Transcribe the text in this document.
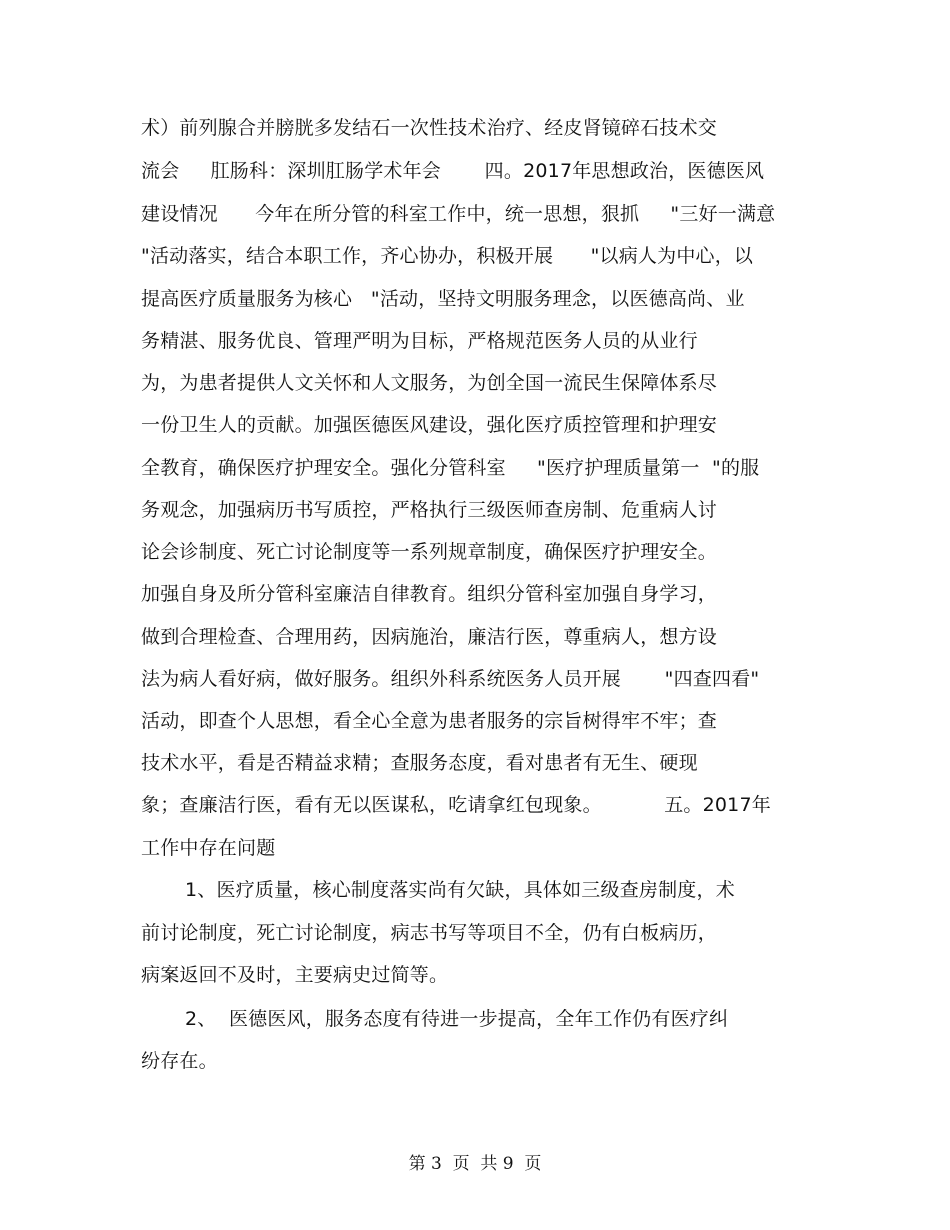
术）前列腺合并膀胱多发结石一次性技术治疗、经皮肾镜碎石技术交
流会     肛肠科：深圳肛肠学术年会       四。2017年思想政治，医德医风
建设情况      今年在所分管的科室工作中，统一思想，狠抓     "三好一满意
"活动落实，结合本职工作，齐心协办，积极开展      "以病人为中心，以
提高医疗质量服务为核心   "活动，坚持文明服务理念，以医德高尚、业
务精湛、服务优良、管理严明为目标，严格规范医务人员的从业行
为，为患者提供人文关怀和人文服务，为创全国一流民生保障体系尽
一份卫生人的贡献。加强医德医风建设，强化医疗质控管理和护理安
全教育，确保医疗护理安全。强化分管科室     "医疗护理质量第一  "的服
务观念，加强病历书写质控，严格执行三级医师查房制、危重病人讨
论会诊制度、死亡讨论制度等一系列规章制度，确保医疗护理安全。
加强自身及所分管科室廉洁自律教育。组织分管科室加强自身学习，
做到合理检查、合理用药，因病施治，廉洁行医，尊重病人，想方设
法为病人看好病，做好服务。组织外科系统医务人员开展       "四查四看"
活动，即查个人思想，看全心全意为患者服务的宗旨树得牢不牢；查
技术水平，看是否精益求精；查服务态度，看对患者有无生、硬现
象；查廉洁行医，看有无以医谋私，吃请拿红包现象。          五。2017年
工作中存在问题
1、医疗质量，核心制度落实尚有欠缺，具体如三级查房制度，术
前讨论制度，死亡讨论制度，病志书写等项目不全，仍有白板病历，
病案返回不及时，主要病史过简等。
2、  医德医风，服务态度有待进一步提高，全年工作仍有医疗纠
纷存在。
第 3  页  共 9  页
